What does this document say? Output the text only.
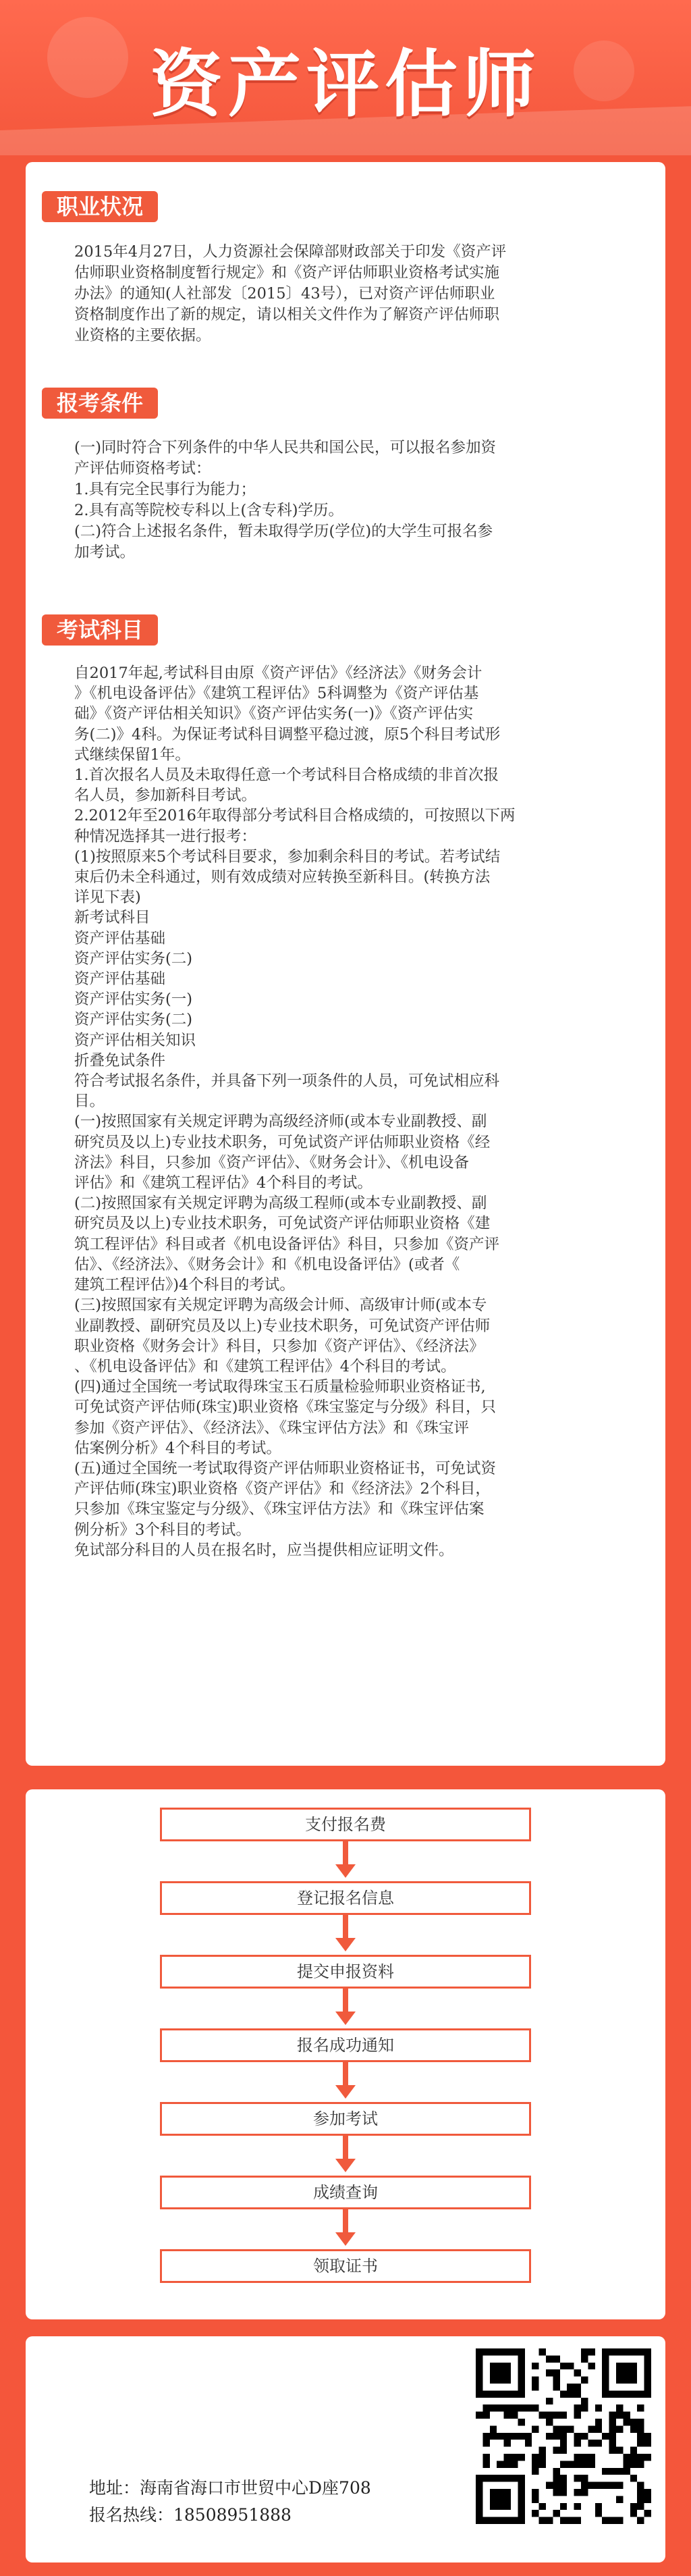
资产评估师
职业状况

2015年4月27日，人力资源社会保障部财政部关于印发《资产评

估师职业资格制度暂行规定》和《资产评估师职业资格考试实施

办法》的通知(人社部发〔2015〕43号），已对资产评估师职业

资格制度作出了新的规定，请以相关文件作为了解资产评估师职

业资格的主要依据。

报考条件

(一)同时符合下列条件的中华人民共和国公民，可以报名参加资

产评估师资格考试：

1.具有完全民事行为能力；

2.具有高等院校专科以上(含专科)学历。

(二)符合上述报名条件，暂未取得学历(学位)的大学生可报名参

加考试。

考试科目

自2017年起,考试科目由原《资产评估》《经济法》《财务会计

》《机电设备评估》《建筑工程评估》5科调整为《资产评估基

础》《资产评估相关知识》《资产评估实务(一)》《资产评估实

务(二)》4科。为保证考试科目调整平稳过渡，原5个科目考试形

式继续保留1年。

1.首次报名人员及未取得任意一个考试科目合格成绩的非首次报

名人员，参加新科目考试。

2.2012年至2016年取得部分考试科目合格成绩的，可按照以下两

种情况选择其一进行报考：

(1)按照原来5个考试科目要求，参加剩余科目的考试。若考试结

束后仍未全科通过，则有效成绩对应转换至新科目。(转换方法

详见下表)

新考试科目

资产评估基础

资产评估实务(二)

资产评估基础

资产评估实务(一)

资产评估实务(二)

资产评估相关知识

折叠免试条件

符合考试报名条件，并具备下列一项条件的人员，可免试相应科

目。

(一)按照国家有关规定评聘为高级经济师(或本专业副教授、副

研究员及以上)专业技术职务，可免试资产评估师职业资格《经

济法》科目，只参加《资产评估》、《财务会计》、《机电设备

评估》和《建筑工程评估》4个科目的考试。

(二)按照国家有关规定评聘为高级工程师(或本专业副教授、副

研究员及以上)专业技术职务，可免试资产评估师职业资格《建

筑工程评估》科目或者《机电设备评估》科目，只参加《资产评

估》、《经济法》、《财务会计》和《机电设备评估》(或者《

建筑工程评估》)4个科目的考试。

(三)按照国家有关规定评聘为高级会计师、高级审计师(或本专

业副教授、副研究员及以上)专业技术职务，可免试资产评估师

职业资格《财务会计》科目，只参加《资产评估》、《经济法》

、《机电设备评估》和《建筑工程评估》4个科目的考试。

(四)通过全国统一考试取得珠宝玉石质量检验师职业资格证书,

可免试资产评估师(珠宝)职业资格《珠宝鉴定与分级》科目，只

参加《资产评估》、《经济法》、《珠宝评估方法》和《珠宝评

估案例分析》4个科目的考试。

(五)通过全国统一考试取得资产评估师职业资格证书，可免试资

产评估师(珠宝)职业资格《资产评估》和《经济法》2个科目，

只参加《珠宝鉴定与分级》、《珠宝评估方法》和《珠宝评估案

例分析》3个科目的考试。

免试部分科目的人员在报名时，应当提供相应证明文件。

支付报名费
登记报名信息
提交申报资料
报名成功通知
参加考试
成绩查询
领取证书
地址：海南省海口市世贸中心D座708
报名热线：18508951888
